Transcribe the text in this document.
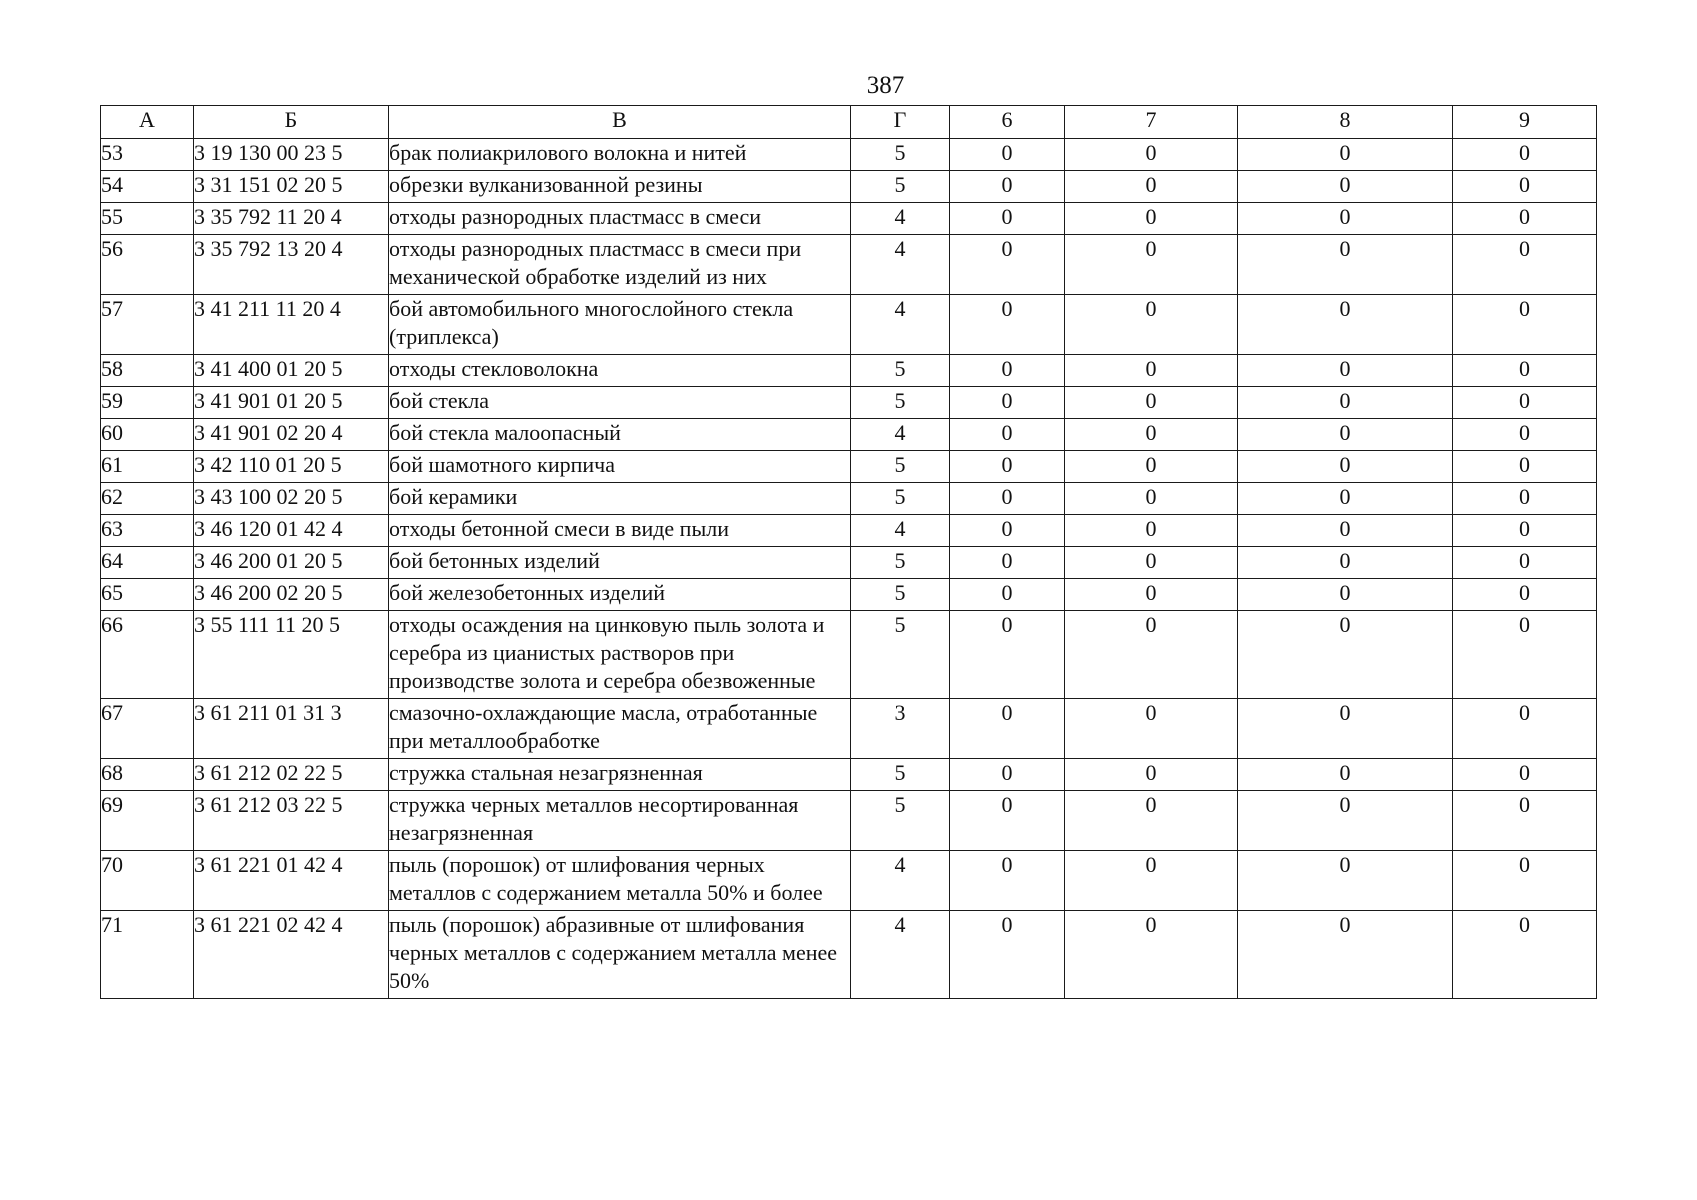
387
А	Б	В	Г	6	7	8	9
53	3 19 130 00 23 5	брак полиакрилового волокна и нитей	5	0	0	0	0
54	3 31 151 02 20 5	обрезки вулканизованной резины	5	0	0	0	0
55	3 35 792 11 20 4	отходы разнородных пластмасс в смеси	4	0	0	0	0
56	3 35 792 13 20 4	отходы разнородных пластмасс в смеси при механической обработке изделий из них	4	0	0	0	0
57	3 41 211 11 20 4	бой автомобильного многослойного стекла (триплекса)	4	0	0	0	0
58	3 41 400 01 20 5	отходы стекловолокна	5	0	0	0	0
59	3 41 901 01 20 5	бой стекла	5	0	0	0	0
60	3 41 901 02 20 4	бой стекла малоопасный	4	0	0	0	0
61	3 42 110 01 20 5	бой шамотного кирпича	5	0	0	0	0
62	3 43 100 02 20 5	бой керамики	5	0	0	0	0
63	3 46 120 01 42 4	отходы бетонной смеси в виде пыли	4	0	0	0	0
64	3 46 200 01 20 5	бой бетонных изделий	5	0	0	0	0
65	3 46 200 02 20 5	бой железобетонных изделий	5	0	0	0	0
66	3 55 111 11 20 5	отходы осаждения на цинковую пыль золота и серебра из цианистых растворов при производстве золота и серебра обезвоженные	5	0	0	0	0
67	3 61 211 01 31 3	смазочно-охлаждающие масла, отработанные при металлообработке	3	0	0	0	0
68	3 61 212 02 22 5	стружка стальная незагрязненная	5	0	0	0	0
69	3 61 212 03 22 5	стружка черных металлов несортированная незагрязненная	5	0	0	0	0
70	3 61 221 01 42 4	пыль (порошок) от шлифования черных металлов с содержанием металла 50% и более	4	0	0	0	0
71	3 61 221 02 42 4	пыль (порошок) абразивные от шлифования черных металлов с содержанием металла менее 50%	4	0	0	0	0
